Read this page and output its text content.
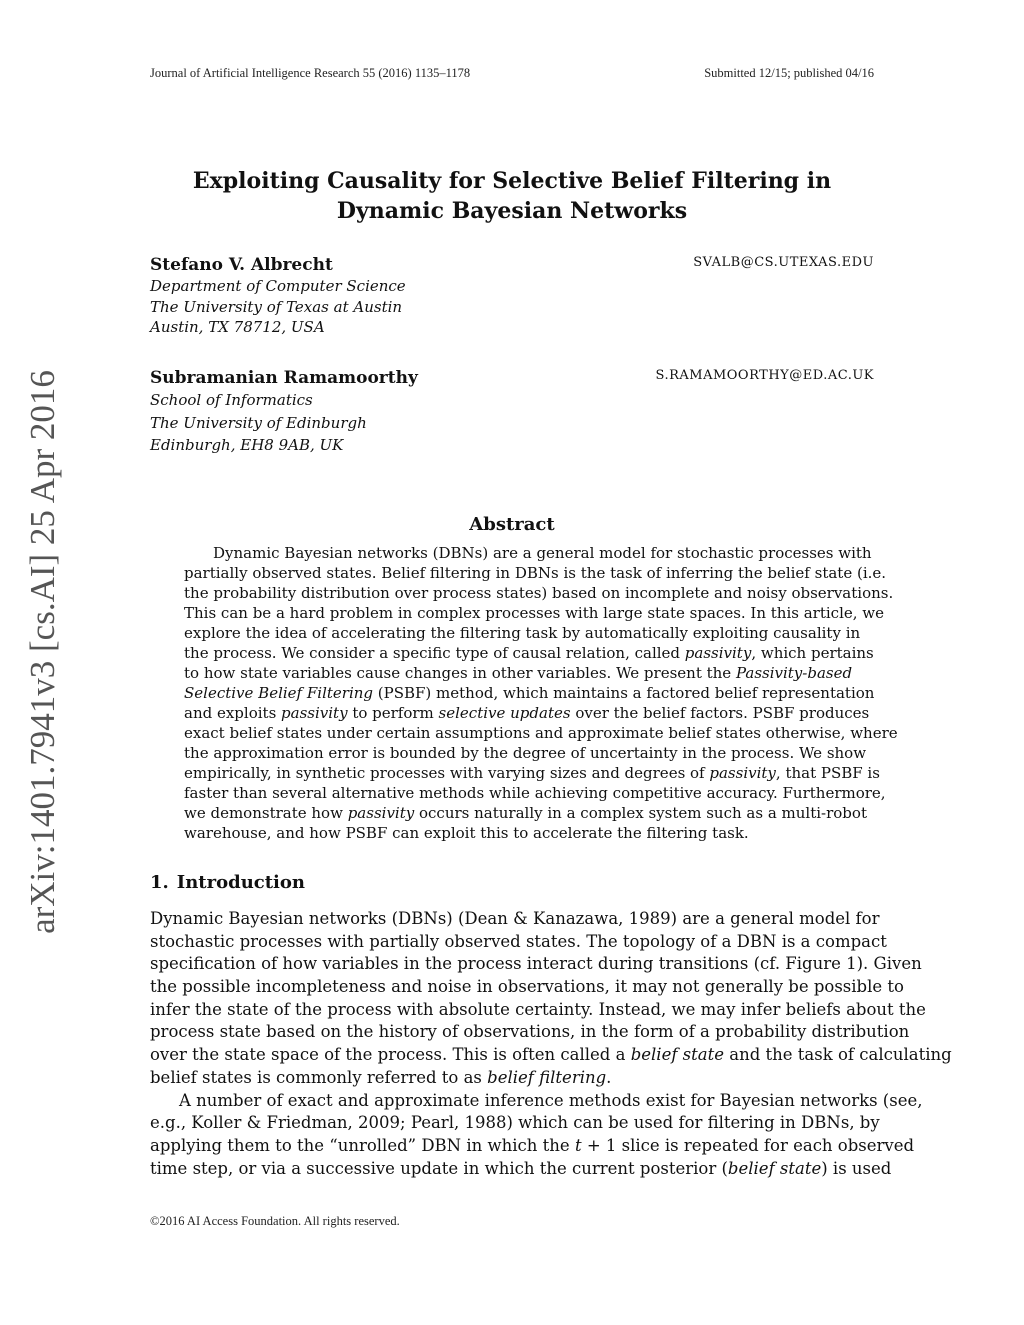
Journal of Artificial Intelligence Research 55 (2016) 1135–1178	Submitted 12/15; published 04/16
arXiv:1401.7941v3 [cs.AI] 25 Apr 2016
Exploiting Causality for Selective Belief Filtering in
Dynamic Bayesian Networks
Stefano V. Albrecht	SVALB@CS.UTEXAS.EDU
Department of Computer Science
The University of Texas at Austin
Austin, TX 78712, USA
Subramanian Ramamoorthy	S.RAMAMOORTHY@ED.AC.UK
School of Informatics
The University of Edinburgh
Edinburgh, EH8 9AB, UK
Abstract
Dynamic Bayesian networks (DBNs) are a general model for stochastic processes with
partially observed states. Belief filtering in DBNs is the task of inferring the belief state (i.e.
the probability distribution over process states) based on incomplete and noisy observations.
This can be a hard problem in complex processes with large state spaces. In this article, we
explore the idea of accelerating the filtering task by automatically exploiting causality in
the process. We consider a specific type of causal relation, called passivity, which pertains
to how state variables cause changes in other variables. We present the Passivity-based
Selective Belief Filtering (PSBF) method, which maintains a factored belief representation
and exploits passivity to perform selective updates over the belief factors. PSBF produces
exact belief states under certain assumptions and approximate belief states otherwise, where
the approximation error is bounded by the degree of uncertainty in the process. We show
empirically, in synthetic processes with varying sizes and degrees of passivity, that PSBF is
faster than several alternative methods while achieving competitive accuracy. Furthermore,
we demonstrate how passivity occurs naturally in a complex system such as a multi-robot
warehouse, and how PSBF can exploit this to accelerate the filtering task.
1. Introduction
Dynamic Bayesian networks (DBNs) (Dean & Kanazawa, 1989) are a general model for
stochastic processes with partially observed states. The topology of a DBN is a compact
specification of how variables in the process interact during transitions (cf. Figure 1). Given
the possible incompleteness and noise in observations, it may not generally be possible to
infer the state of the process with absolute certainty. Instead, we may infer beliefs about the
process state based on the history of observations, in the form of a probability distribution
over the state space of the process. This is often called a belief state and the task of calculating
belief states is commonly referred to as belief filtering.
A number of exact and approximate inference methods exist for Bayesian networks (see,
e.g., Koller & Friedman, 2009; Pearl, 1988) which can be used for filtering in DBNs, by
applying them to the “unrolled” DBN in which the t + 1 slice is repeated for each observed
time step, or via a successive update in which the current posterior (belief state) is used
©2016 AI Access Foundation. All rights reserved.
